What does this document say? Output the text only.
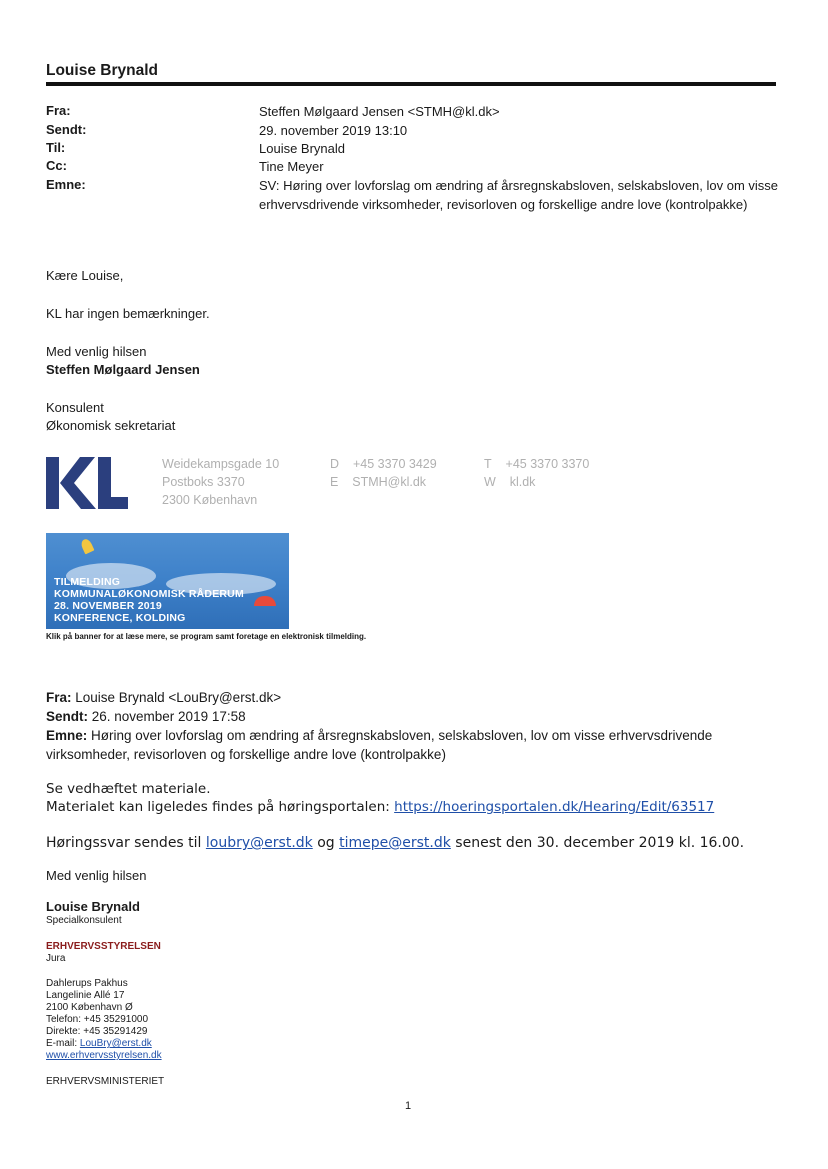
Louise Brynald
Fra:
Sendt:
Til:
Cc:
Emne:
Steffen Mølgaard Jensen <STMH@kl.dk>
29. november 2019 13:10
Louise Brynald
Tine Meyer
SV: Høring over lovforslag om ændring af årsregnskabsloven, selskabsloven, lov om visse erhvervsdrivende virksomheder, revisorloven og forskellige andre love (kontrolpakke)
Kære Louise,
KL har ingen bemærkninger.
Med venlig hilsen
Steffen Mølgaard Jensen
Konsulent
Økonomisk sekretariat
Weidekampsgade 10
Postboks 3370
2300 København
D +45 3370 3429
E STMH@kl.dk
T +45 3370 3370
W kl.dk
TILMELDING
KOMMUNALØKONOMISK RÅDERUM
28. NOVEMBER 2019
KONFERENCE, KOLDING
Klik på banner for at læse mere, se program samt foretage en elektronisk tilmelding.
Fra: Louise Brynald <LouBry@erst.dk>
Sendt: 26. november 2019 17:58
Emne: Høring over lovforslag om ændring af årsregnskabsloven, selskabsloven, lov om visse erhvervsdrivende virksomheder, revisorloven og forskellige andre love (kontrolpakke)
Se vedhæftet materiale.
Materialet kan ligeledes findes på høringsportalen: https://hoeringsportalen.dk/Hearing/Edit/63517
Høringssvar sendes til loubry@erst.dk og timepe@erst.dk senest den 30. december 2019 kl. 16.00.
Med venlig hilsen
Louise Brynald
Specialkonsulent
ERHVERVSSTYRELSEN
Jura
Dahlerups Pakhus
Langelinie Allé 17
2100 København Ø
Telefon: +45 35291000
Direkte: +45 35291429
E-mail: LouBry@erst.dk
www.erhvervsstyrelsen.dk
ERHVERVSMINISTERIET
1
